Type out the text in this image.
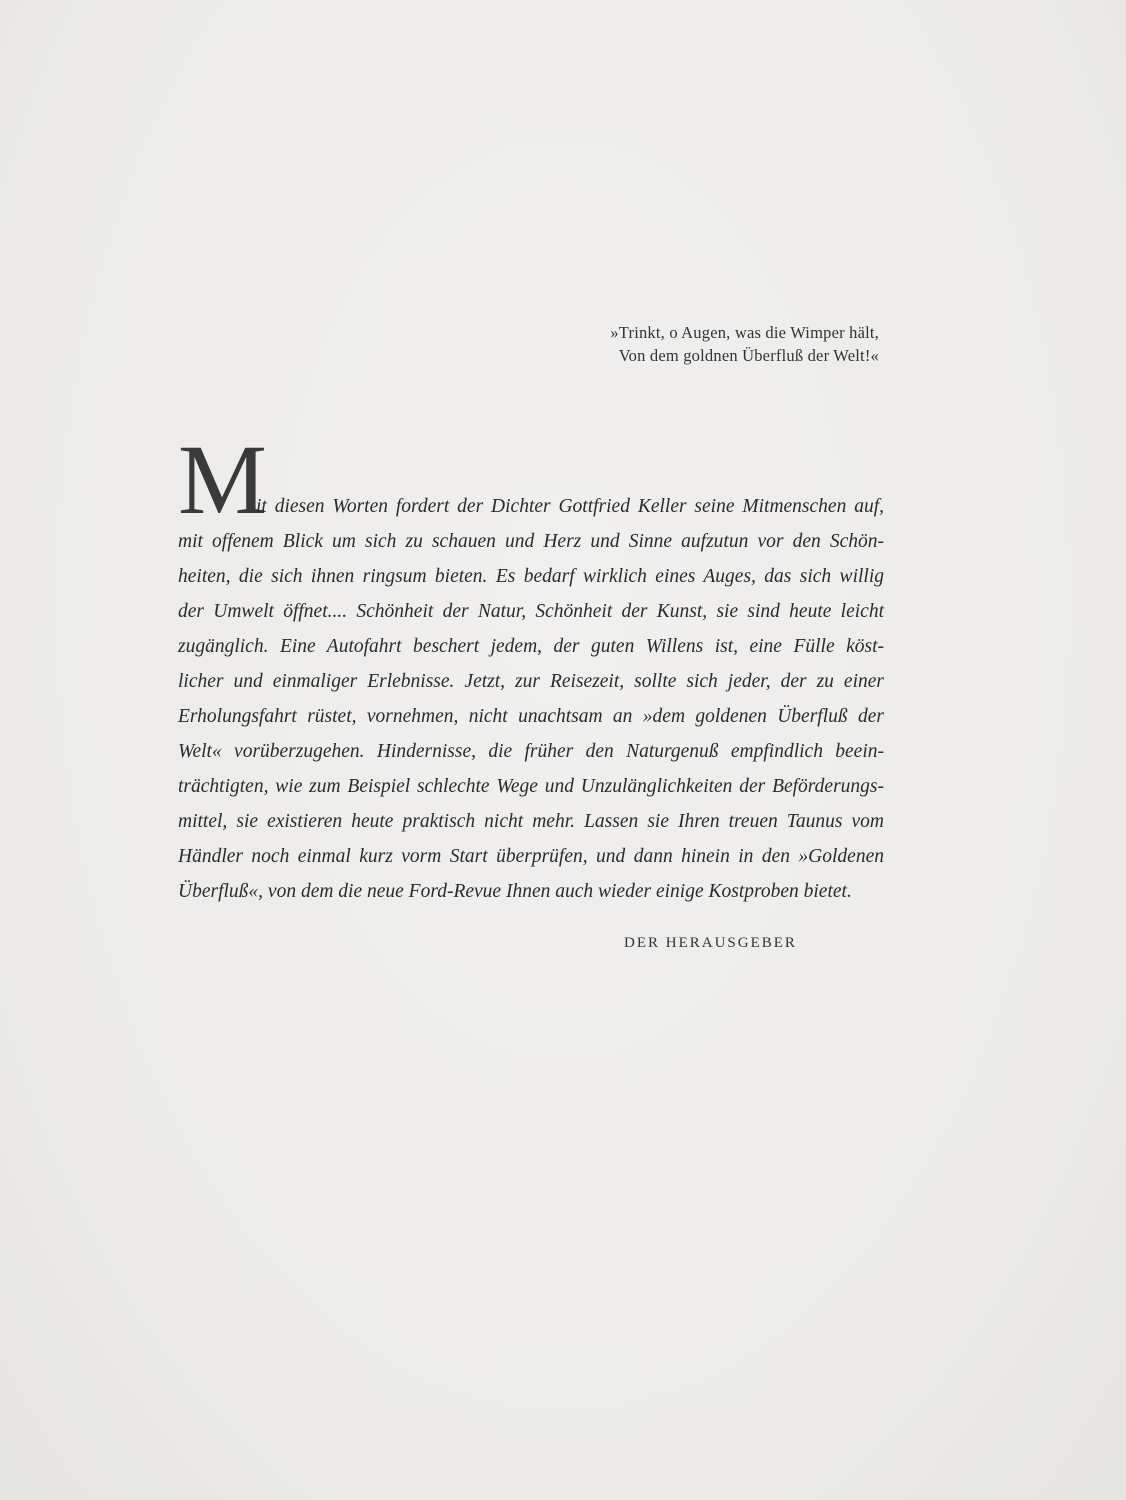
»Trinkt, o Augen, was die Wimper hält,
Von dem goldnen Überfluß der Welt!«
M
it diesen Worten fordert der Dichter Gottfried Keller seine Mitmenschen auf,
mit offenem Blick um sich zu schauen und Herz und Sinne aufzutun vor den Schön-
heiten, die sich ihnen ringsum bieten. Es bedarf wirklich eines Auges, das sich willig
der Umwelt öffnet.... Schönheit der Natur, Schönheit der Kunst, sie sind heute leicht
zugänglich. Eine Autofahrt beschert jedem, der guten Willens ist, eine Fülle köst-
licher und einmaliger Erlebnisse. Jetzt, zur Reisezeit, sollte sich jeder, der zu einer
Erholungsfahrt rüstet, vornehmen, nicht unachtsam an »dem goldenen Überfluß der
Welt« vorüberzugehen. Hindernisse, die früher den Naturgenuß empfindlich beein-
trächtigten, wie zum Beispiel schlechte Wege und Unzulänglichkeiten der Beförderungs-
mittel, sie existieren heute praktisch nicht mehr. Lassen sie Ihren treuen Taunus vom
Händler noch einmal kurz vorm Start überprüfen, und dann hinein in den »Goldenen
Überfluß«, von dem die neue Ford-Revue Ihnen auch wieder einige Kostproben bietet.
DER HERAUSGEBER
